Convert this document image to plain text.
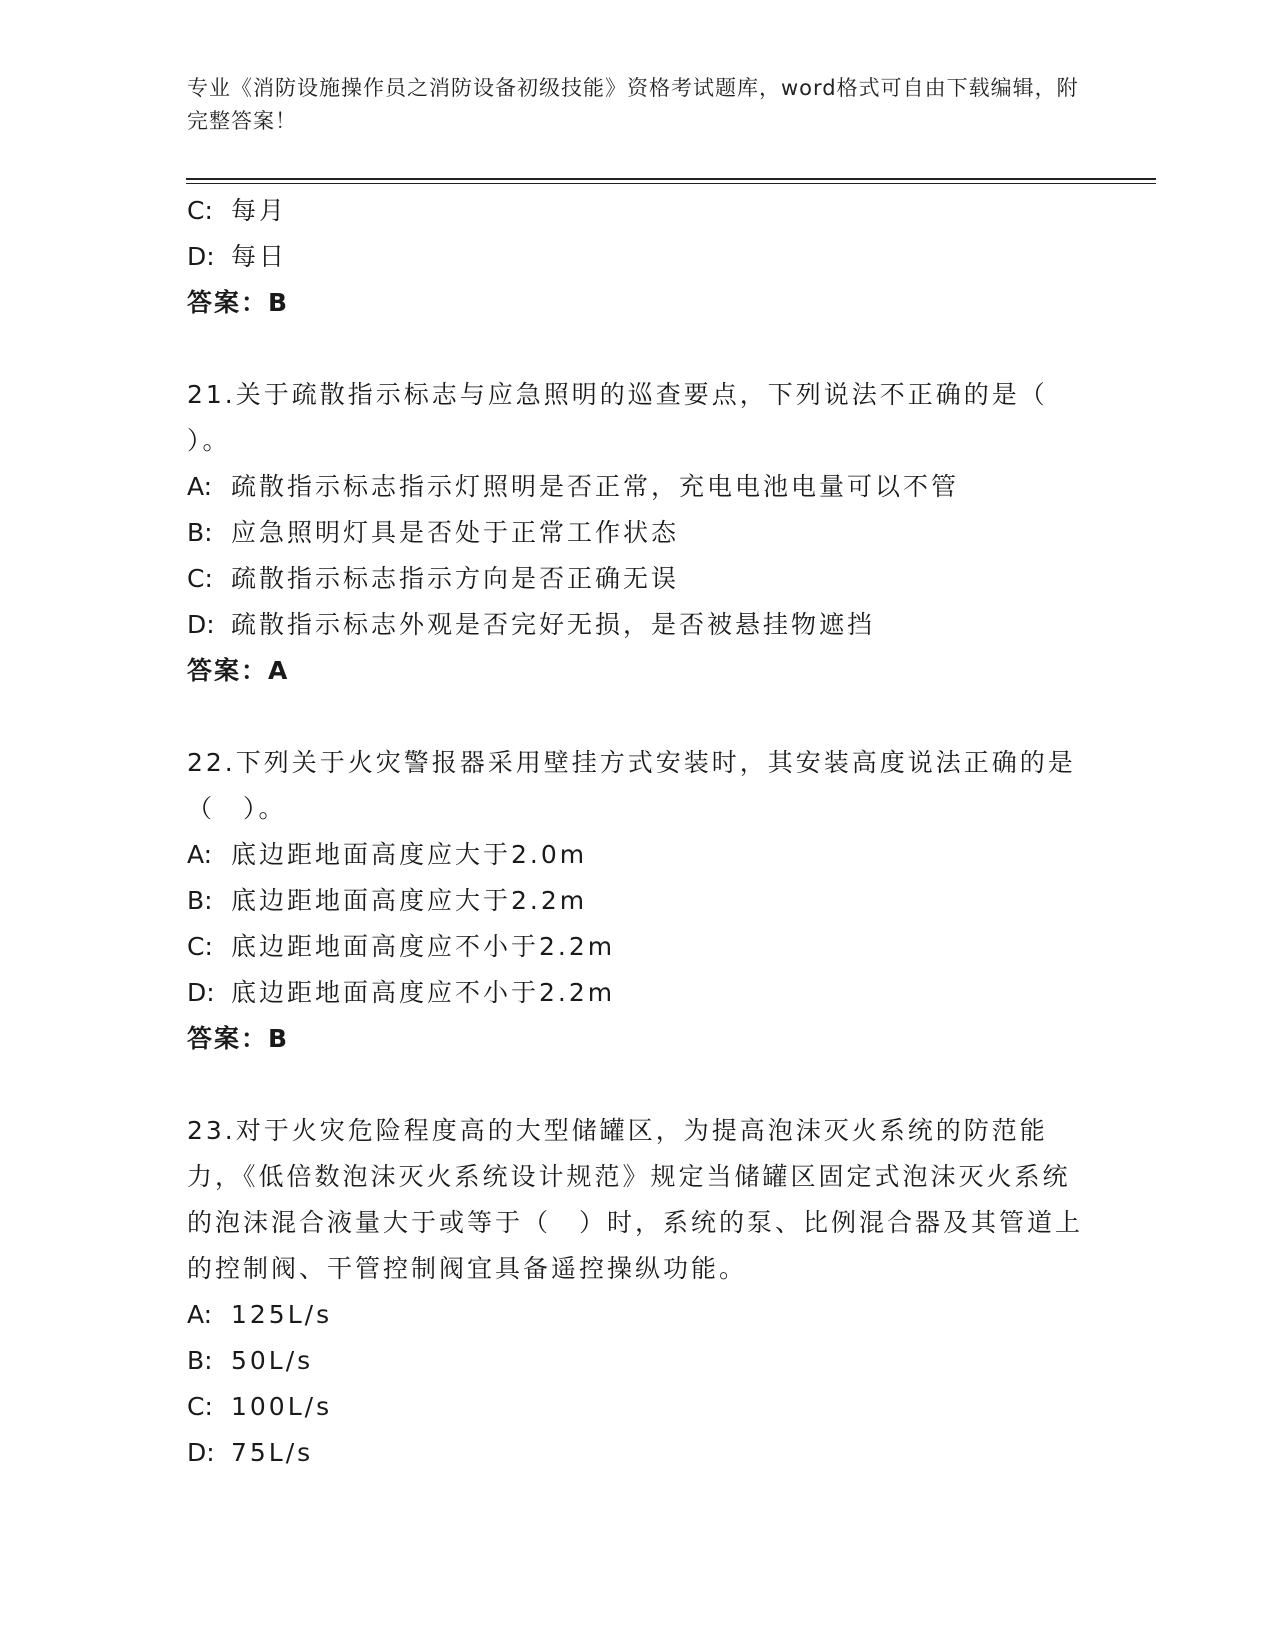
专业《消防设施操作员之消防设备初级技能》资格考试题库，word格式可自由下载编辑，附完整答案！
C: 每月
D: 每日
答案：B
21.关于疏散指示标志与应急照明的巡查要点，下列说法不正确的是（ ）。
A: 疏散指示标志指示灯照明是否正常，充电电池电量可以不管
B: 应急照明灯具是否处于正常工作状态
C: 疏散指示标志指示方向是否正确无误
D: 疏散指示标志外观是否完好无损，是否被悬挂物遮挡
答案：A
22.下列关于火灾警报器采用壁挂方式安装时，其安装高度说法正确的是（　）。
A: 底边距地面高度应大于2.0m
B: 底边距地面高度应大于2.2m
C: 底边距地面高度应不小于2.2m
D: 底边距地面高度应不小于2.2m
答案：B
23.对于火灾危险程度高的大型储罐区，为提高泡沫灭火系统的防范能力，《低倍数泡沫灭火系统设计规范》规定当储罐区固定式泡沫灭火系统的泡沫混合液量大于或等于（　）时，系统的泵、比例混合器及其管道上的控制阀、干管控制阀宜具备遥控操纵功能。
A: 125L/s
B: 50L/s
C: 100L/s
D: 75L/s
